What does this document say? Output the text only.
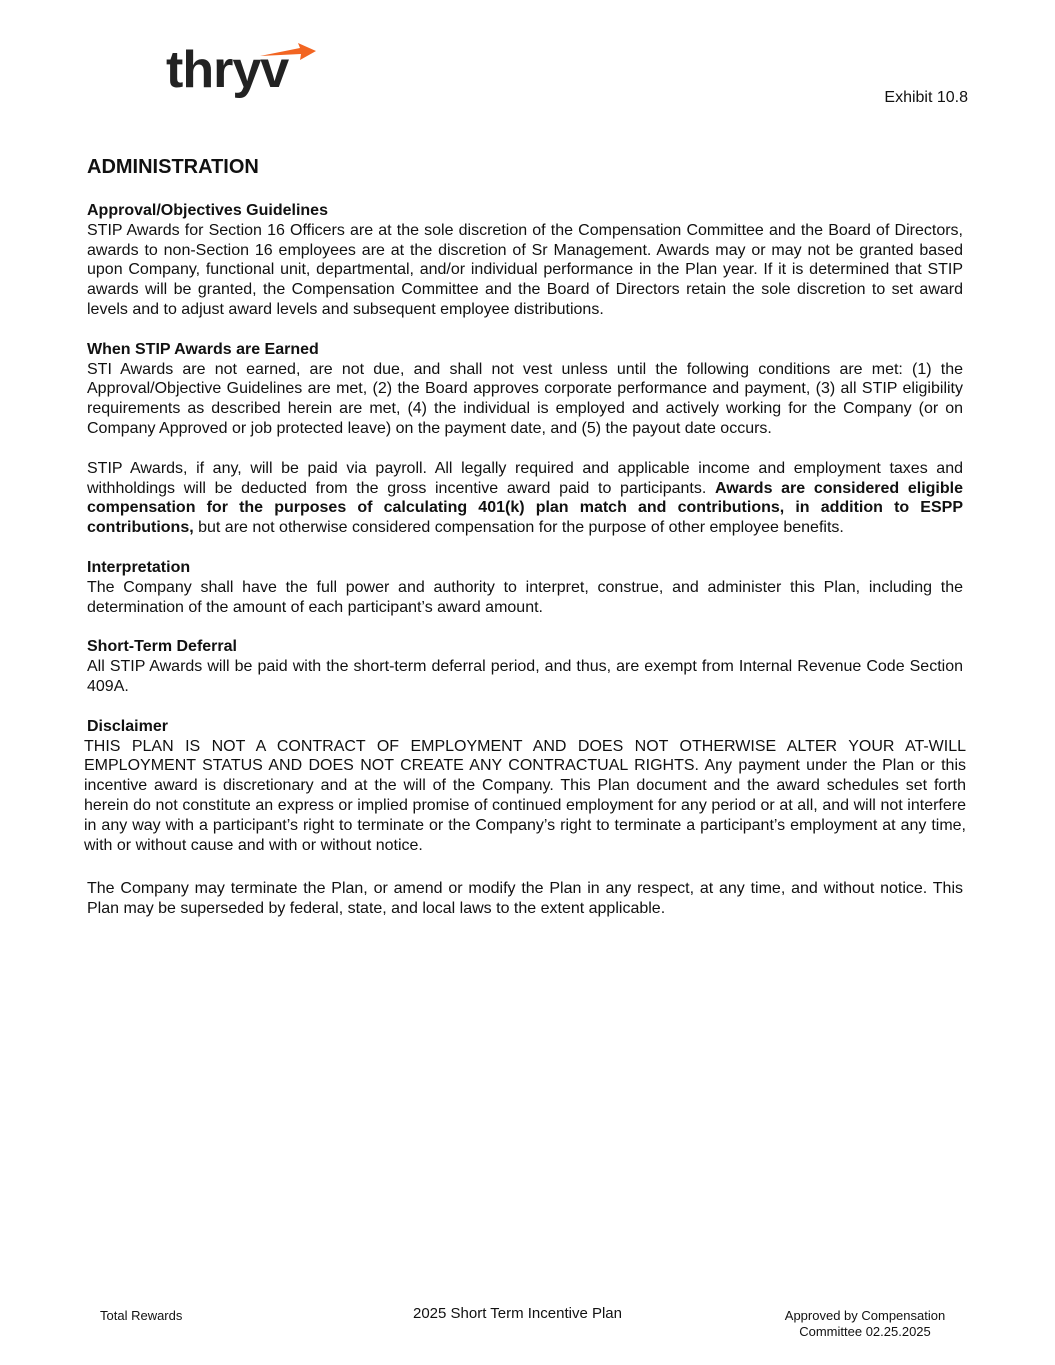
thryv	Exhibit 10.8
ADMINISTRATION
Approval/Objectives Guidelines

STIP Awards for Section 16 Officers are at the sole discretion of the Compensation Committee and the Board of Directors, awards to non-Section 16 employees are at the discretion of Sr Management. Awards may or may not be granted based upon Company, functional unit, departmental, and/or individual performance in the Plan year. If it is determined that STIP awards will be granted, the Compensation Committee and the Board of Directors retain the sole discretion to set award levels and to adjust award levels and subsequent employee distributions.

When STIP Awards are Earned

STI Awards are not earned, are not due, and shall not vest unless until the following conditions are met: (1) the Approval/Objective Guidelines are met, (2) the Board approves corporate performance and payment, (3) all STIP eligibility requirements as described herein are met, (4) the individual is employed and actively working for the Company (or on Company Approved or job protected leave) on the payment date, and (5) the payout date occurs.

STIP Awards, if any, will be paid via payroll. All legally required and applicable income and employment taxes and withholdings will be deducted from the gross incentive award paid to participants. Awards are considered eligible compensation for the purposes of calculating 401(k) plan match and contributions, in addition to ESPP contributions, but are not otherwise considered compensation for the purpose of other employee benefits.

Interpretation

The Company shall have the full power and authority to interpret, construe, and administer this Plan, including the determination of the amount of each participant’s award amount.

Short-Term Deferral

All STIP Awards will be paid with the short-term deferral period, and thus, are exempt from Internal Revenue Code Section 409A.

Disclaimer

THIS PLAN IS NOT A CONTRACT OF EMPLOYMENT AND DOES NOT OTHERWISE ALTER YOUR AT-WILL EMPLOYMENT STATUS AND DOES NOT CREATE ANY CONTRACTUAL RIGHTS. Any payment under the Plan or this incentive award is discretionary and at the will of the Company. This Plan document and the award schedules set forth herein do not constitute an express or implied promise of continued employment for any period or at all, and will not interfere in any way with a participant’s right to terminate or the Company’s right to terminate a participant’s employment at any time, with or without cause and with or without notice.

The Company may terminate the Plan, or amend or modify the Plan in any respect, at any time, and without notice. This Plan may be superseded by federal, state, and local laws to the extent applicable.

Total Rewards	2025 Short Term Incentive Plan	Approved by Compensation
Committee 02.25.2025
